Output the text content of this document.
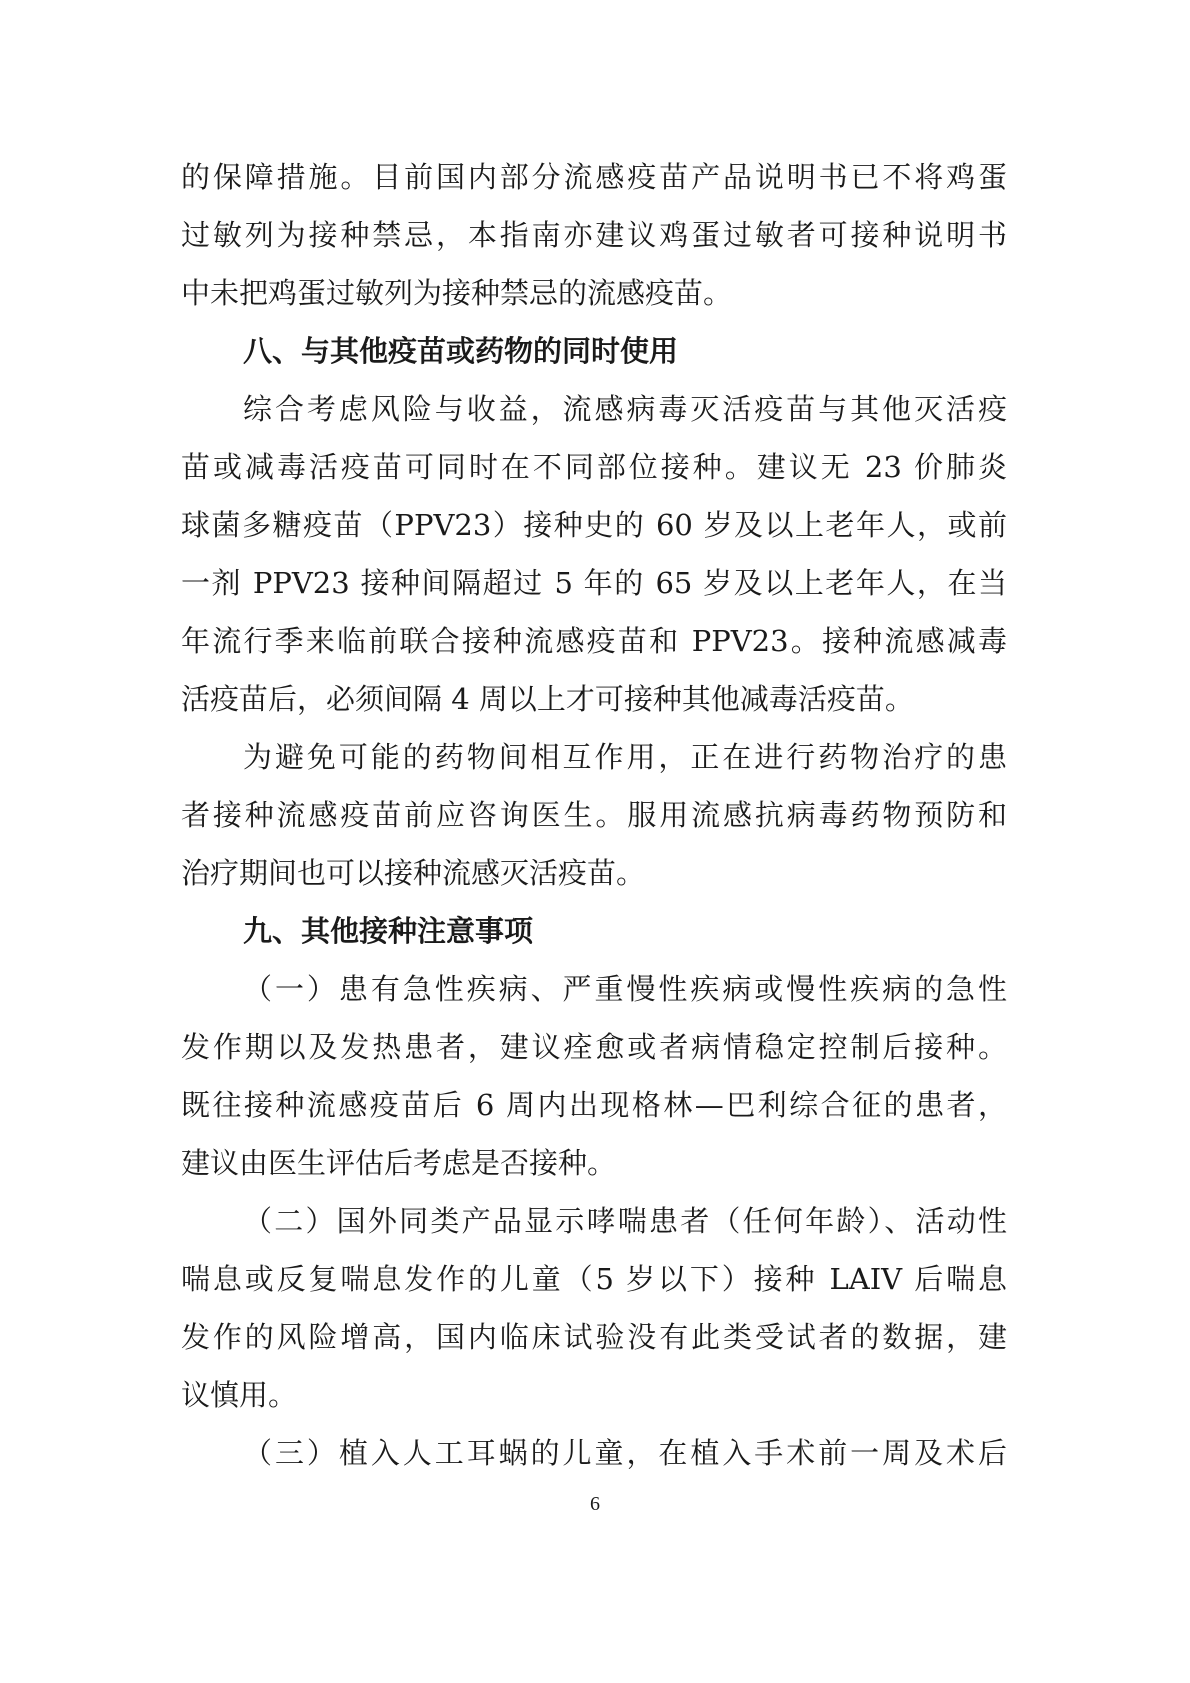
的保障措施。目前国内部分流感疫苗产品说明书已不将鸡蛋
过敏列为接种禁忌，本指南亦建议鸡蛋过敏者可接种说明书
中未把鸡蛋过敏列为接种禁忌的流感疫苗。
八、与其他疫苗或药物的同时使用
综合考虑风险与收益，流感病毒灭活疫苗与其他灭活疫
苗或减毒活疫苗可同时在不同部位接种。建议无 23 价肺炎
球菌多糖疫苗（PPV23）接种史的 60 岁及以上老年人，或前
一剂 PPV23 接种间隔超过 5 年的 65 岁及以上老年人，在当
年流行季来临前联合接种流感疫苗和 PPV23。接种流感减毒
活疫苗后，必须间隔 4 周以上才可接种其他减毒活疫苗。
为避免可能的药物间相互作用，正在进行药物治疗的患
者接种流感疫苗前应咨询医生。服用流感抗病毒药物预防和
治疗期间也可以接种流感灭活疫苗。
九、其他接种注意事项
（一）患有急性疾病、严重慢性疾病或慢性疾病的急性
发作期以及发热患者，建议痊愈或者病情稳定控制后接种。
既往接种流感疫苗后 6 周内出现格林—巴利综合征的患者，
建议由医生评估后考虑是否接种。
（二）国外同类产品显示哮喘患者（任何年龄）、活动性
喘息或反复喘息发作的儿童（5 岁以下）接种 LAIV 后喘息
发作的风险增高，国内临床试验没有此类受试者的数据，建
议慎用。
（三）植入人工耳蜗的儿童，在植入手术前一周及术后
6
